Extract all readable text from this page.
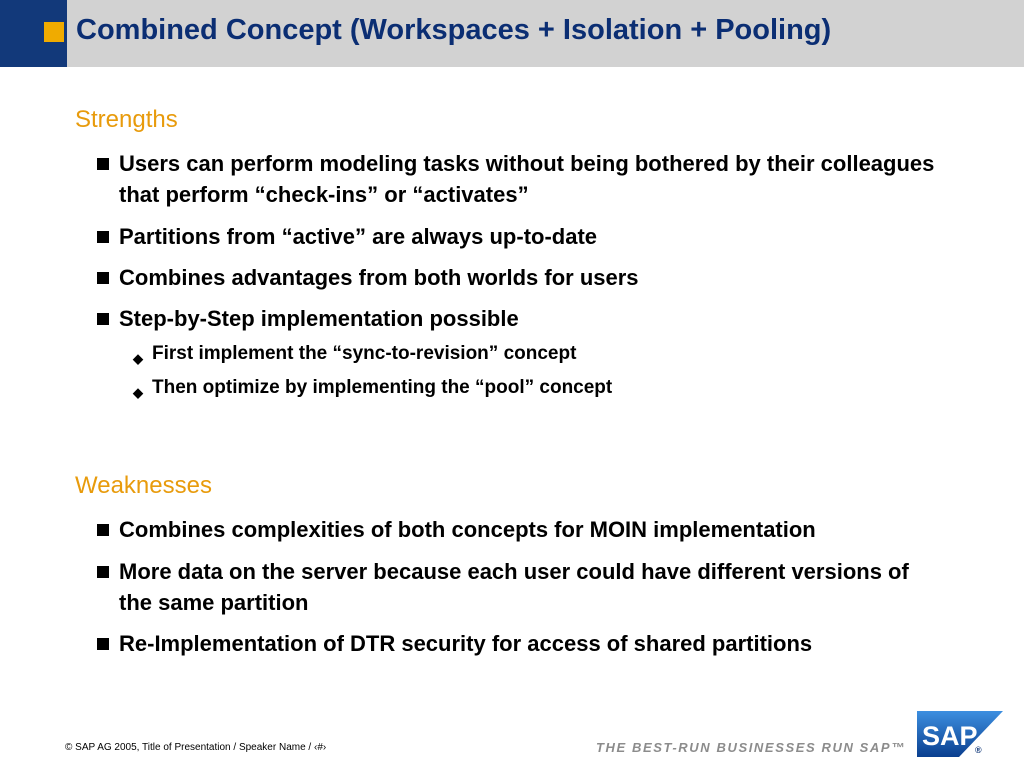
Combined Concept (Workspaces + Isolation + Pooling)
Strengths
Users can perform modeling tasks without being bothered by their colleagues that perform “check-ins” or “activates”
Partitions from “active” are always up-to-date
Combines advantages from both worlds for users
Step-by-Step implementation possible
◆ First implement the “sync-to-revision” concept
◆ Then optimize by implementing the “pool” concept
Weaknesses
Combines complexities of both concepts for MOIN implementation
More data on the server because each user could have different versions of the same partition
Re-Implementation of DTR security for access of shared partitions
© SAP AG 2005, Title of Presentation / Speaker Name / ‹#›	THE BEST-RUN BUSINESSES RUN SAP™ SAP
®
